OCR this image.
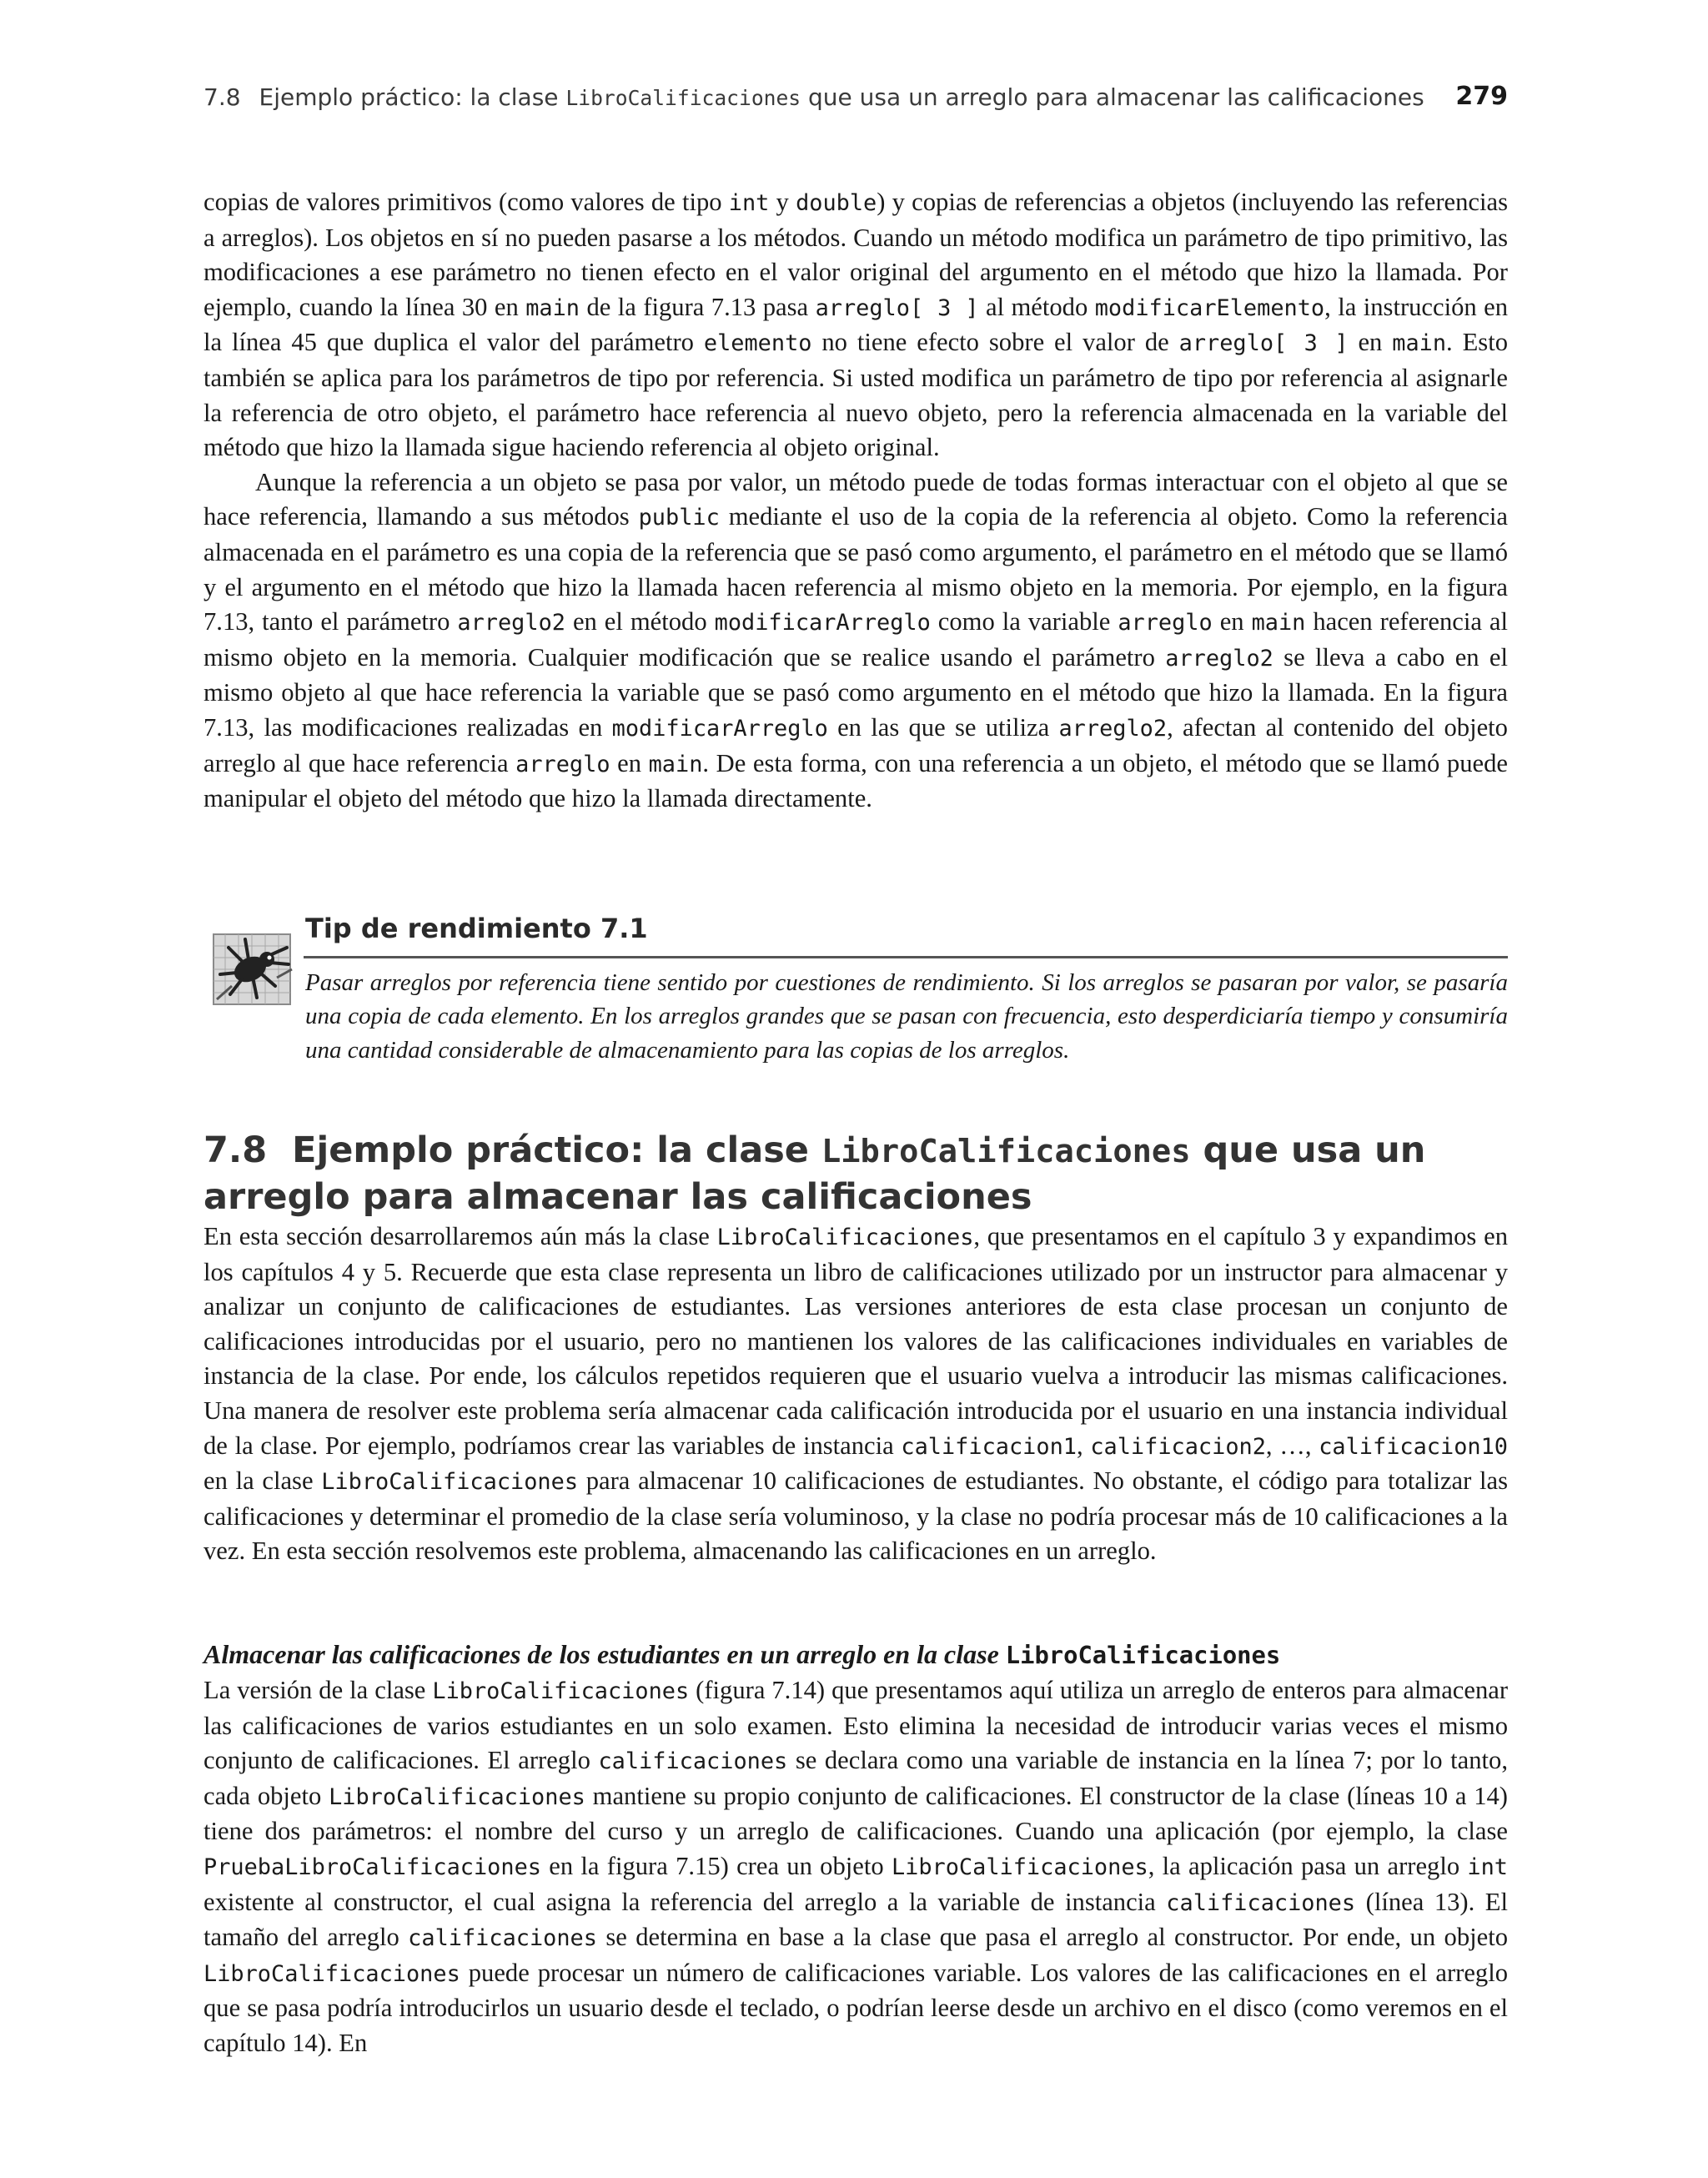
7.8 Ejemplo práctico: la clase LibroCalificaciones que usa un arreglo para almacenar las calificaciones 279

copias de valores primitivos (como valores de tipo int y double) y copias de referencias a objetos (incluyendo las referencias a arreglos). Los objetos en sí no pueden pasarse a los métodos. Cuando un método modifica un parámetro de tipo primitivo, las modificaciones a ese parámetro no tienen efecto en el valor original del argumento en el método que hizo la llamada. Por ejemplo, cuando la línea 30 en main de la figura 7.13 pasa arreglo[ 3 ] al método modificarElemento, la instrucción en la línea 45 que duplica el valor del parámetro elemento no tiene efecto sobre el valor de arreglo[ 3 ] en main. Esto también se aplica para los parámetros de tipo por referencia. Si usted modifica un parámetro de tipo por referencia al asignarle la referencia de otro objeto, el parámetro hace referencia al nuevo objeto, pero la referencia almacenada en la variable del método que hizo la llamada sigue haciendo referencia al objeto original.

Aunque la referencia a un objeto se pasa por valor, un método puede de todas formas interactuar con el objeto al que se hace referencia, llamando a sus métodos public mediante el uso de la copia de la referencia al objeto. Como la referencia almacenada en el parámetro es una copia de la referencia que se pasó como argumento, el parámetro en el método que se llamó y el argumento en el método que hizo la llamada hacen referencia al mismo objeto en la memoria. Por ejemplo, en la figura 7.13, tanto el parámetro arreglo2 en el método modificarArreglo como la variable arreglo en main hacen referencia al mismo objeto en la memoria. Cualquier modificación que se realice usando el parámetro arreglo2 se lleva a cabo en el mismo objeto al que hace referencia la variable que se pasó como argumento en el método que hizo la llamada. En la figura 7.13, las modificaciones realizadas en modificarArreglo en las que se utiliza arreglo2, afectan al contenido del objeto arreglo al que hace referencia arreglo en main. De esta forma, con una referencia a un objeto, el método que se llamó puede manipular el objeto del método que hizo la llamada directamente.

Tip de rendimiento 7.1

Pasar arreglos por referencia tiene sentido por cuestiones de rendimiento. Si los arreglos se pasaran por valor, se pasaría una copia de cada elemento. En los arreglos grandes que se pasan con frecuencia, esto desperdiciaría tiempo y consumiría una cantidad considerable de almacenamiento para las copias de los arreglos.

7.8 Ejemplo práctico: la clase LibroCalificaciones que usa un arreglo para almacenar las calificaciones

En esta sección desarrollaremos aún más la clase LibroCalificaciones, que presentamos en el capítulo 3 y expandimos en los capítulos 4 y 5. Recuerde que esta clase representa un libro de calificaciones utilizado por un instructor para almacenar y analizar un conjunto de calificaciones de estudiantes. Las versiones anteriores de esta clase procesan un conjunto de calificaciones introducidas por el usuario, pero no mantienen los valores de las calificaciones individuales en variables de instancia de la clase. Por ende, los cálculos repetidos requieren que el usuario vuelva a introducir las mismas calificaciones. Una manera de resolver este problema sería almacenar cada calificación introducida por el usuario en una instancia individual de la clase. Por ejemplo, podríamos crear las variables de instancia calificacion1, calificacion2, …, calificacion10 en la clase LibroCalificaciones para almacenar 10 calificaciones de estudiantes. No obstante, el código para totalizar las calificaciones y determinar el promedio de la clase sería voluminoso, y la clase no podría procesar más de 10 calificaciones a la vez. En esta sección resolvemos este problema, almacenando las calificaciones en un arreglo.

Almacenar las calificaciones de los estudiantes en un arreglo en la clase LibroCalificaciones

La versión de la clase LibroCalificaciones (figura 7.14) que presentamos aquí utiliza un arreglo de enteros para almacenar las calificaciones de varios estudiantes en un solo examen. Esto elimina la necesidad de introducir varias veces el mismo conjunto de calificaciones. El arreglo calificaciones se declara como una variable de instancia en la línea 7; por lo tanto, cada objeto LibroCalificaciones mantiene su propio conjunto de calificaciones. El constructor de la clase (líneas 10 a 14) tiene dos parámetros: el nombre del curso y un arreglo de calificaciones. Cuando una aplicación (por ejemplo, la clase PruebaLibroCalificaciones en la figura 7.15) crea un objeto LibroCalificaciones, la aplicación pasa un arreglo int existente al constructor, el cual asigna la referencia del arreglo a la variable de instancia calificaciones (línea 13). El tamaño del arreglo calificaciones se determina en base a la clase que pasa el arreglo al constructor. Por ende, un objeto LibroCalificaciones puede procesar un número de calificaciones variable. Los valores de las calificaciones en el arreglo que se pasa podría introducirlos un usuario desde el teclado, o podrían leerse desde un archivo en el disco (como veremos en el capítulo 14). En
